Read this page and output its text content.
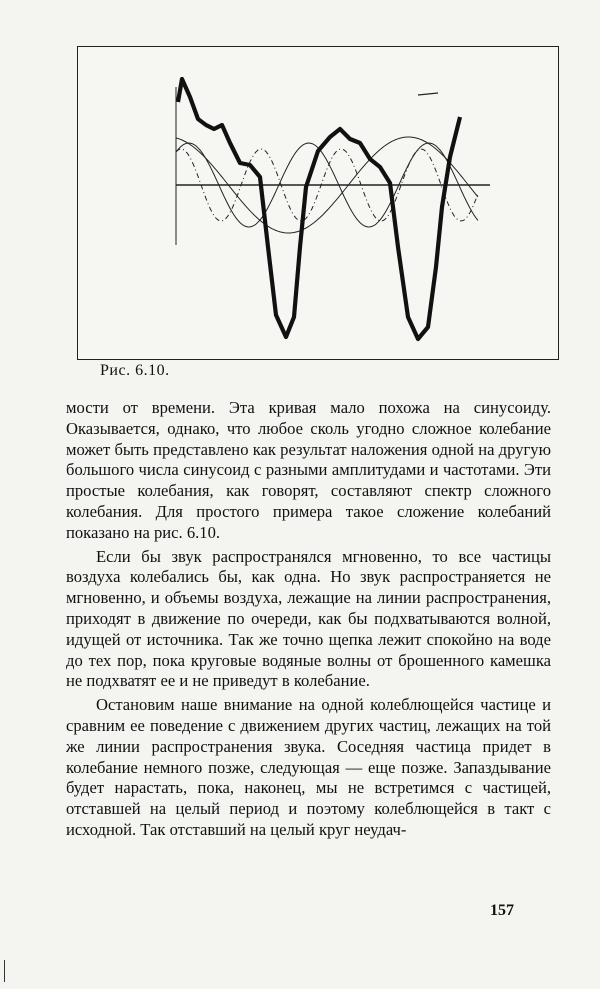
Рис. 6.10.

мости от времени. Эта кривая мало похожа на синусоиду. Оказывается, однако, что любое сколь угодно сложное колебание может быть представлено как результат наложения одной на другую большого числа синусоид с разными амплитудами и частотами. Эти простые колебания, как говорят, составляют спектр сложного колебания. Для простого примера такое сложение колебаний показано на рис. 6.10.

Если бы звук распространялся мгновенно, то все частицы воздуха колебались бы, как одна. Но звук распространяется не мгновенно, и объемы воздуха, лежащие на линии распространения, приходят в движение по очереди, как бы подхватываются волной, идущей от источника. Так же точно щепка лежит спокойно на воде до тех пор, пока круговые водяные волны от брошенного камешка не подхватят ее и не приведут в колебание.

Остановим наше внимание на одной колеблющейся частице и сравним ее поведение с движением других частиц, лежащих на той же линии распространения звука. Соседняя частица придет в колебание немного позже, следующая — еще позже. Запаздывание будет нарастать, пока, наконец, мы не встретимся с частицей, отставшей на целый период и поэтому колеблющейся в такт с исходной. Так отставший на целый круг неудач-

157
